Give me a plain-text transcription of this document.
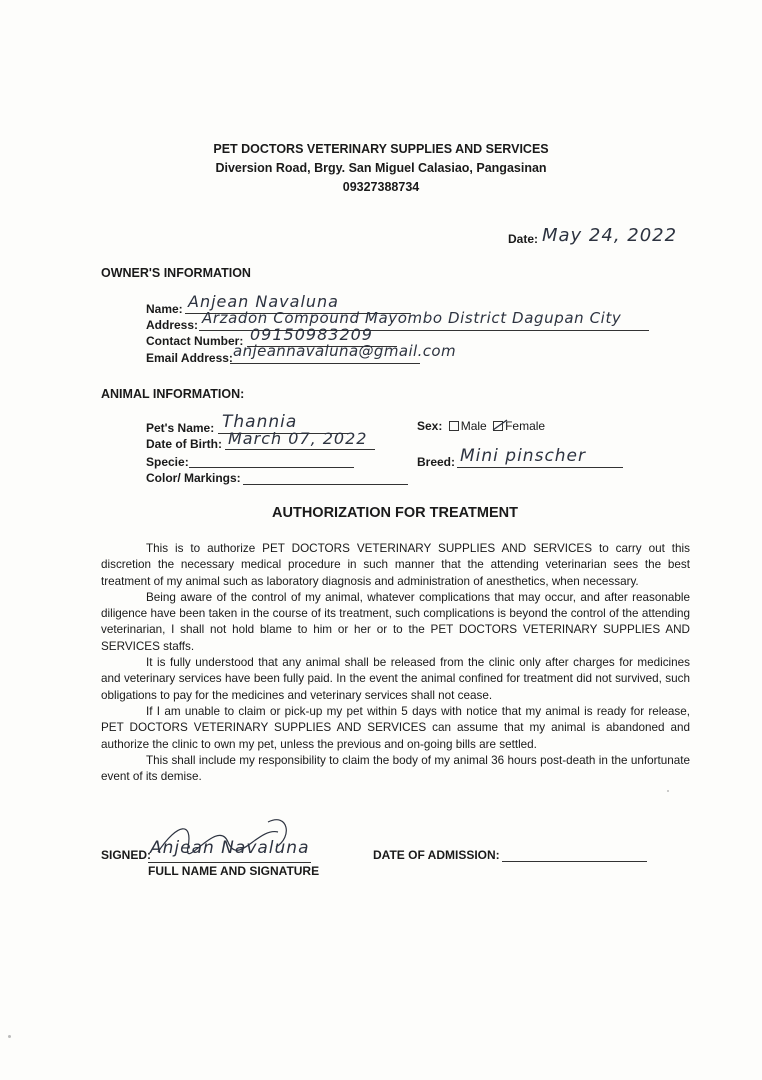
PET DOCTORS VETERINARY SUPPLIES AND SERVICES
Diversion Road, Brgy. San Miguel Calasiao, Pangasinan
09327388734
Date: May 24, 2022
OWNER'S INFORMATION
Name: Anjean Navaluna
Address: Arzadon Compound Mayombo District Dagupan City
Contact Number: 09150983209
Email Address: anjeannavaluna@gmail.com
ANIMAL INFORMATION:
Pet's Name: Thannia
Date of Birth: March 07, 2022
Specie:
Color/ Markings:
Sex: Male Female
Breed: Mini pinscher
AUTHORIZATION FOR TREATMENT

This is to authorize PET DOCTORS VETERINARY SUPPLIES AND SERVICES to carry out this discretion the necessary medical procedure in such manner that the attending veterinarian sees the best treatment of my animal such as laboratory diagnosis and administration of anesthetics, when necessary.

Being aware of the control of my animal, whatever complications that may occur, and after reasonable diligence have been taken in the course of its treatment, such complications is beyond the control of the attending veterinarian, I shall not hold blame to him or her or to the PET DOCTORS VETERINARY SUPPLIES AND SERVICES staffs.

It is fully understood that any animal shall be released from the clinic only after charges for medicines and veterinary services have been fully paid. In the event the animal confined for treatment did not survived, such obligations to pay for the medicines and veterinary services shall not cease.

If I am unable to claim or pick-up my pet within 5 days with notice that my animal is ready for release, PET DOCTORS VETERINARY SUPPLIES AND SERVICES can assume that my animal is abandoned and authorize the clinic to own my pet, unless the previous and on-going bills are settled.

This shall include my responsibility to claim the body of my animal 36 hours post-death in the unfortunate event of its demise.

SIGNED:
Anjean Navaluna
FULL NAME AND SIGNATURE
DATE OF ADMISSION:
